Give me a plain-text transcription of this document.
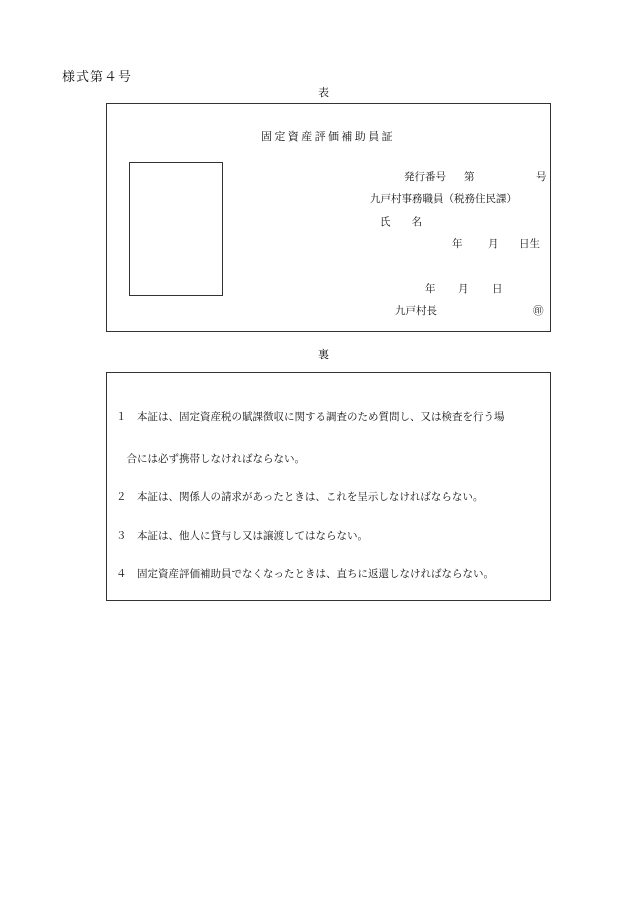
様式第４号
表
固定資産評価補助員証
発行番号 第	号
九戸村事務職員（税務住民課）
氏　　名
年 月 日生
年 月 日
九戸村長	㊞
裏
１　本証は、固定資産税の賦課徴収に関する調査のため質問し、又は検査を行う場
　合には必ず携帯しなければならない。
２　本証は、関係人の請求があったときは、これを呈示しなければならない。
３　本証は、他人に貸与し又は譲渡してはならない。
４　固定資産評価補助員でなくなったときは、直ちに返還しなければならない。
